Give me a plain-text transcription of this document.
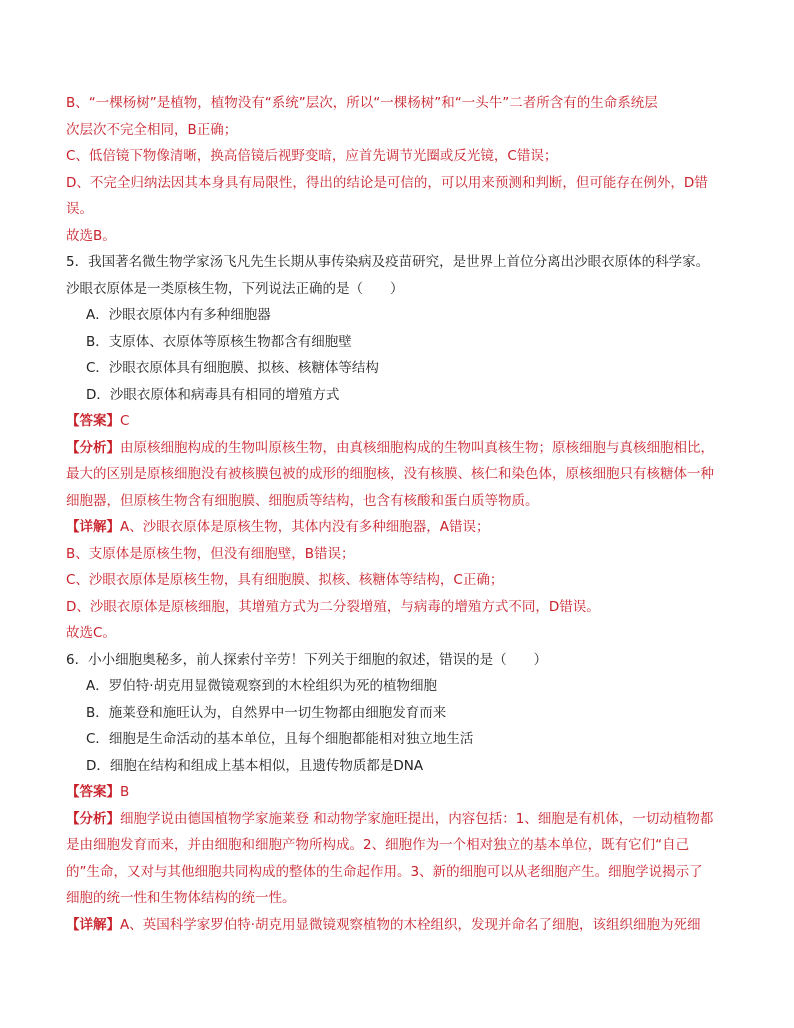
B、“一棵杨树”是植物，植物没有“系统”层次，所以“一棵杨树”和“一头牛”二者所含有的生命系统层
次层次不完全相同，B正确；
C、低倍镜下物像清晰，换高倍镜后视野变暗，应首先调节光圈或反光镜，C错误；
D、不完全归纳法因其本身具有局限性，得出的结论是可信的，可以用来预测和判断，但可能存在例外，D错
误。
故选B。
5．我国著名微生物学家汤飞凡先生长期从事传染病及疫苗研究，是世界上首位分离出沙眼衣原体的科学家。
沙眼衣原体是一类原核生物，下列说法正确的是（　　）
A．沙眼衣原体内有多种细胞器
B．支原体、衣原体等原核生物都含有细胞壁
C．沙眼衣原体具有细胞膜、拟核、核糖体等结构
D．沙眼衣原体和病毒具有相同的增殖方式
【答案】C
【分析】由原核细胞构成的生物叫原核生物，由真核细胞构成的生物叫真核生物；原核细胞与真核细胞相比，
最大的区别是原核细胞没有被核膜包被的成形的细胞核，没有核膜、核仁和染色体，原核细胞只有核糖体一种
细胞器，但原核生物含有细胞膜、细胞质等结构，也含有核酸和蛋白质等物质。
【详解】A、沙眼衣原体是原核生物，其体内没有多种细胞器，A错误；
B、支原体是原核生物，但没有细胞壁，B错误；
C、沙眼衣原体是原核生物，具有细胞膜、拟核、核糖体等结构，C正确；
D、沙眼衣原体是原核细胞，其增殖方式为二分裂增殖，与病毒的增殖方式不同，D错误。
故选C。
6．小小细胞奥秘多，前人探索付辛劳！下列关于细胞的叙述，错误的是（　　）
A．罗伯特·胡克用显微镜观察到的木栓组织为死的植物细胞
B．施莱登和施旺认为，自然界中一切生物都由细胞发育而来
C．细胞是生命活动的基本单位，且每个细胞都能相对独立地生活
D．细胞在结构和组成上基本相似，且遗传物质都是DNA
【答案】B
【分析】细胞学说由德国植物学家施莱登 和动物学家施旺提出，内容包括：1、细胞是有机体，一切动植物都
是由细胞发育而来，并由细胞和细胞产物所构成。2、细胞作为一个相对独立的基本单位，既有它们“自己
的”生命，又对与其他细胞共同构成的整体的生命起作用。3、新的细胞可以从老细胞产生。细胞学说揭示了
细胞的统一性和生物体结构的统一性。
【详解】A、英国科学家罗伯特·胡克用显微镜观察植物的木栓组织，发现并命名了细胞，该组织细胞为死细
